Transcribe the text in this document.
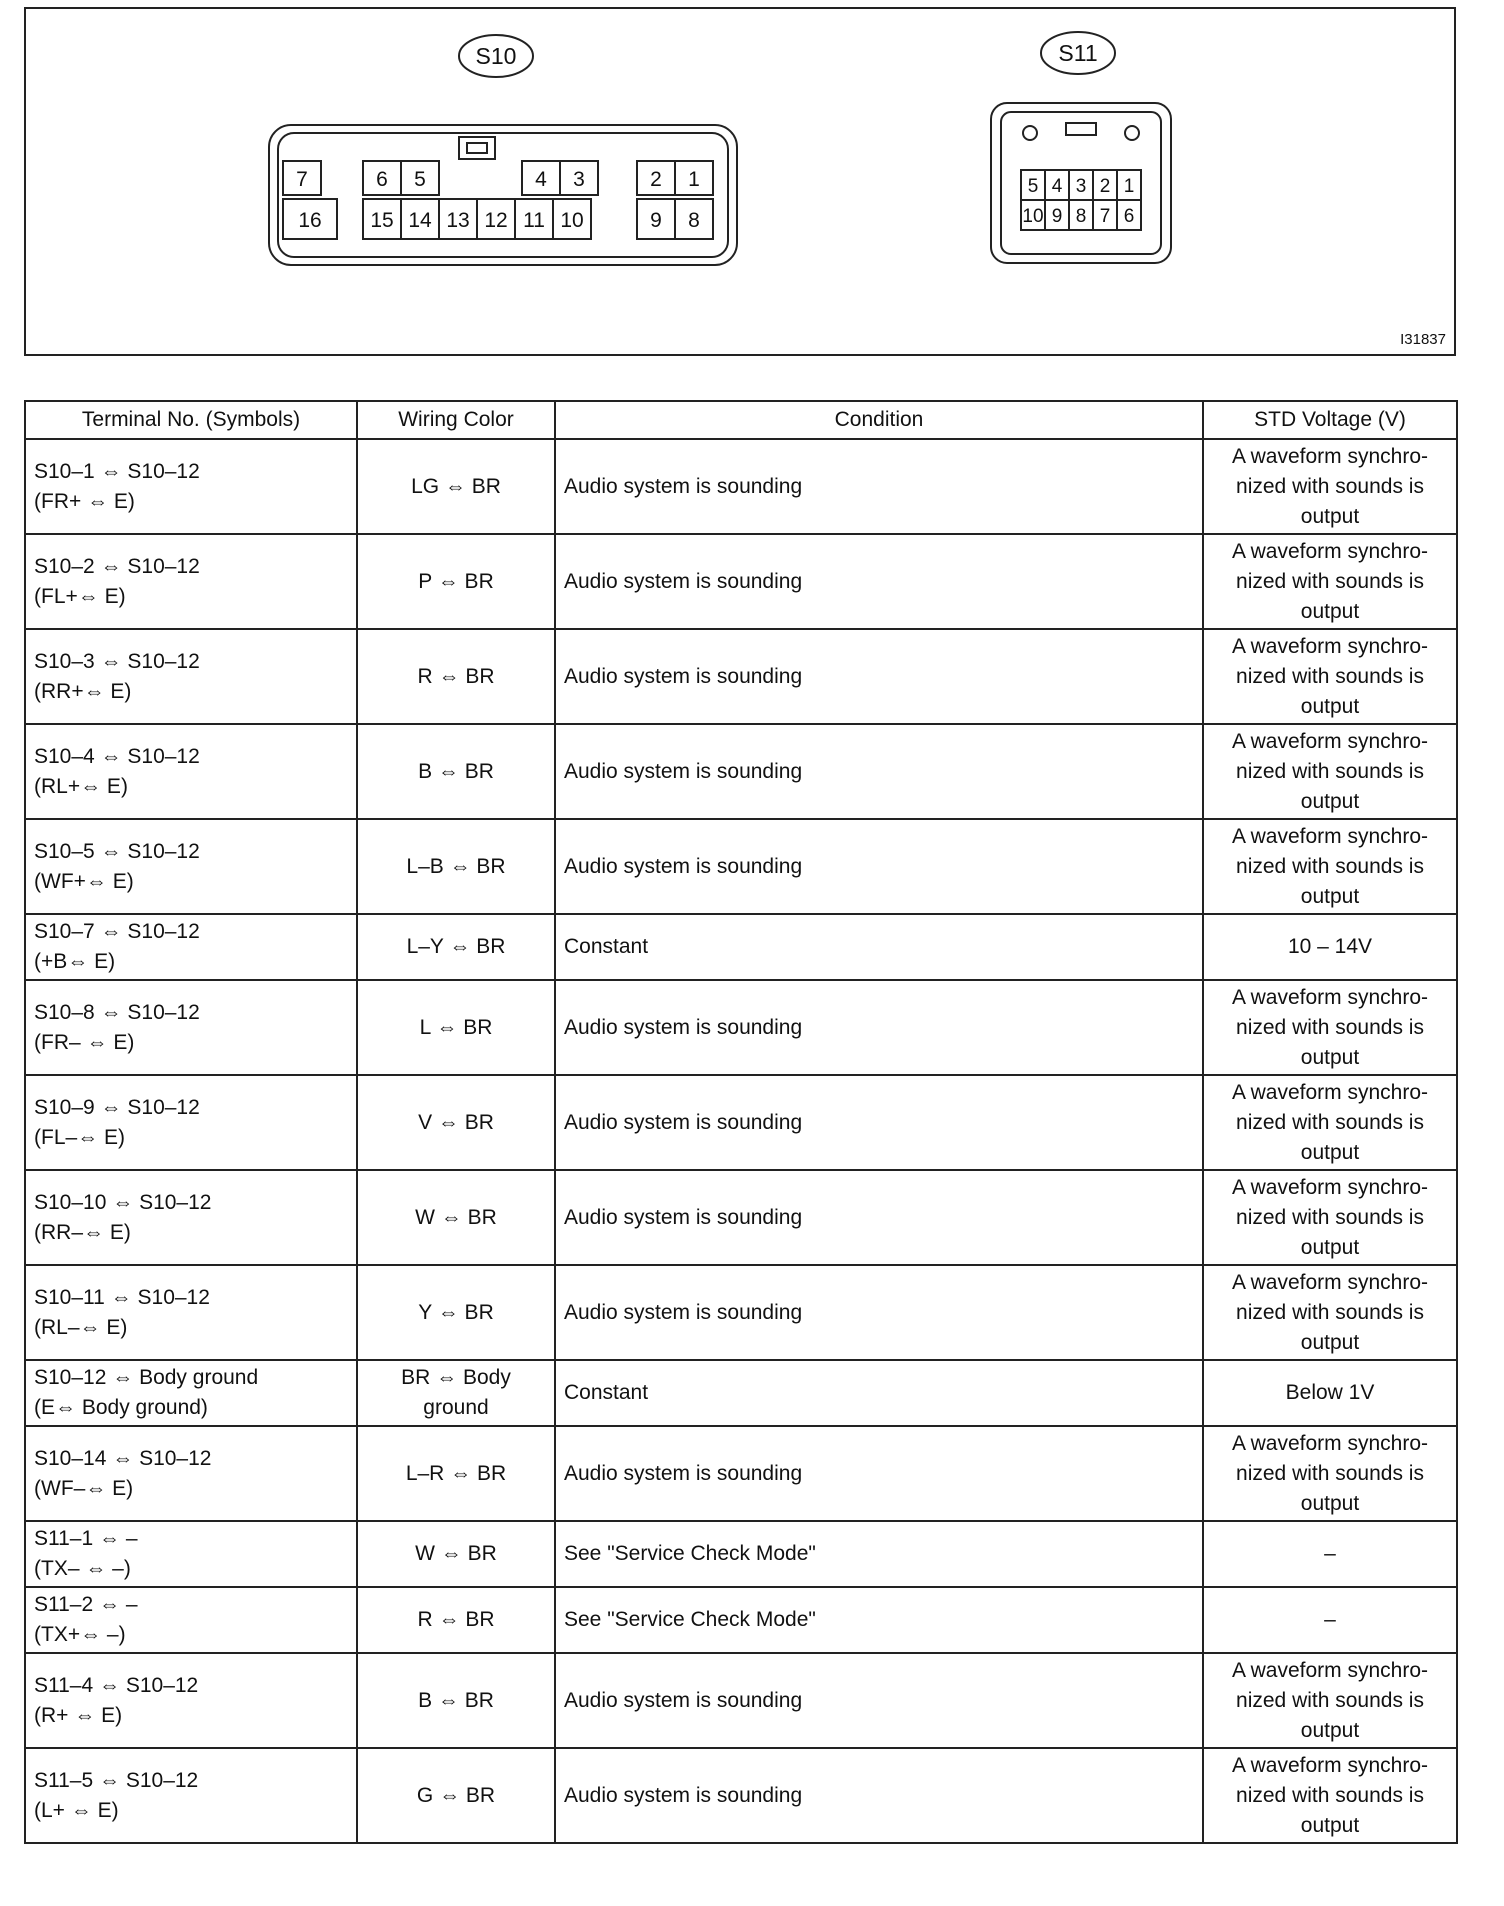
S10
7	6 5	4 3	2 1
16 15 14 13 12 11 10	9 8
S11
5 4 3 2 1
10 9 8 7 6
I31837
Terminal No. (Symbols)	Wiring Color	Condition	STD Voltage (V)

S10–1 ⇔ S10–12
(FR+ ⇔ E)	LG ⇔ BR	Audio system is sounding	A waveform synchro-
nized with sounds is
output

S10–2 ⇔ S10–12
(FL+⇔ E)	P ⇔ BR	Audio system is sounding	A waveform synchro-
nized with sounds is
output

S10–3 ⇔ S10–12
(RR+⇔ E)	R ⇔ BR	Audio system is sounding	A waveform synchro-
nized with sounds is
output

S10–4 ⇔ S10–12
(RL+⇔ E)	B ⇔ BR	Audio system is sounding	A waveform synchro-
nized with sounds is
output

S10–5 ⇔ S10–12
(WF+⇔ E)	L–B ⇔ BR	Audio system is sounding	A waveform synchro-
nized with sounds is
output

S10–7 ⇔ S10–12
(+B⇔ E)	L–Y ⇔ BR	Constant	10 – 14V

S10–8 ⇔ S10–12
(FR– ⇔ E)	L ⇔ BR	Audio system is sounding	A waveform synchro-
nized with sounds is
output

S10–9 ⇔ S10–12
(FL–⇔ E)	V ⇔ BR	Audio system is sounding	A waveform synchro-
nized with sounds is
output

S10–10 ⇔ S10–12
(RR–⇔ E)	W ⇔ BR	Audio system is sounding	A waveform synchro-
nized with sounds is
output

S10–11 ⇔ S10–12
(RL–⇔ E)	Y ⇔ BR	Audio system is sounding	A waveform synchro-
nized with sounds is
output

S10–12 ⇔ Body ground
(E⇔ Body ground)	BR ⇔ Body
ground	Constant	Below 1V

S10–14 ⇔ S10–12
(WF–⇔ E)	L–R ⇔ BR	Audio system is sounding	A waveform synchro-
nized with sounds is
output

S11–1 ⇔ –
(TX– ⇔ –)	W ⇔ BR	See "Service Check Mode"	–

S11–2 ⇔ –
(TX+⇔ –)	R ⇔ BR	See "Service Check Mode"	–

S11–4 ⇔ S10–12
(R+ ⇔ E)	B ⇔ BR	Audio system is sounding	A waveform synchro-
nized with sounds is
output

S11–5 ⇔ S10–12
(L+ ⇔ E)	G ⇔ BR	Audio system is sounding	A waveform synchro-
nized with sounds is
output
